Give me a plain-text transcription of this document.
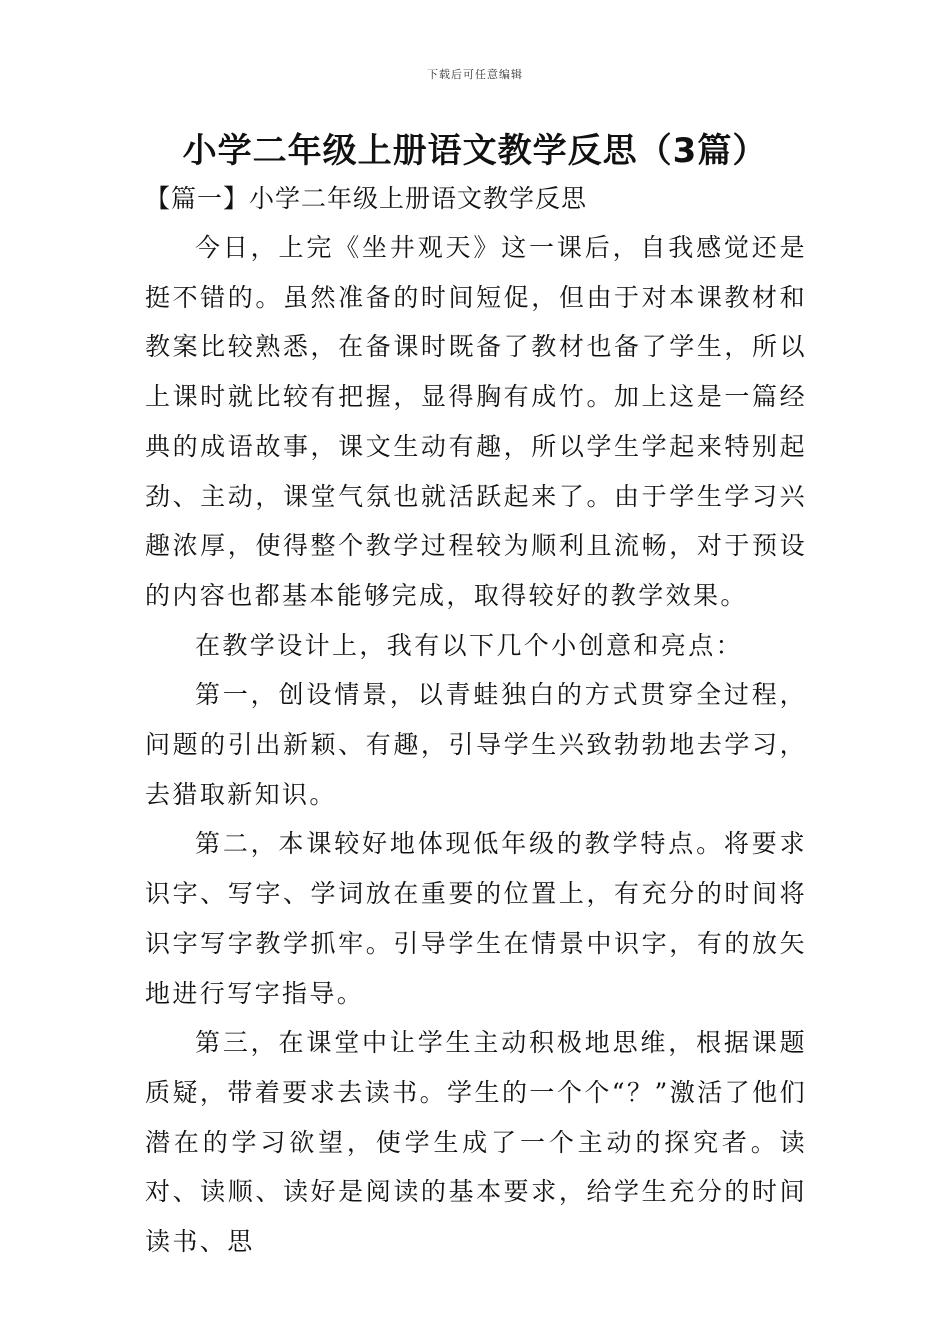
下载后可任意编辑
小学二年级上册语文教学反思（3篇）
【篇一】小学二年级上册语文教学反思

今日，上完《坐井观天》这一课后，自我感觉还是挺不错的。虽然准备的时间短促，但由于对本课教材和教案比较熟悉，在备课时既备了教材也备了学生，所以上课时就比较有把握，显得胸有成竹。加上这是一篇经典的成语故事，课文生动有趣，所以学生学起来特别起劲、主动，课堂气氛也就活跃起来了。由于学生学习兴趣浓厚，使得整个教学过程较为顺利且流畅，对于预设的内容也都基本能够完成，取得较好的教学效果。

在教学设计上，我有以下几个小创意和亮点：

第一，创设情景，以青蛙独白的方式贯穿全过程，问题的引出新颖、有趣，引导学生兴致勃勃地去学习，去猎取新知识。

第二，本课较好地体现低年级的教学特点。将要求识字、写字、学词放在重要的位置上，有充分的时间将识字写字教学抓牢。引导学生在情景中识字，有的放矢地进行写字指导。

第三，在课堂中让学生主动积极地思维，根据课题质疑，带着要求去读书。学生的一个个“？”激活了他们潜在的学习欲望，使学生成了一个主动的探究者。读对、读顺、读好是阅读的基本要求，给学生充分的时间读书、思
